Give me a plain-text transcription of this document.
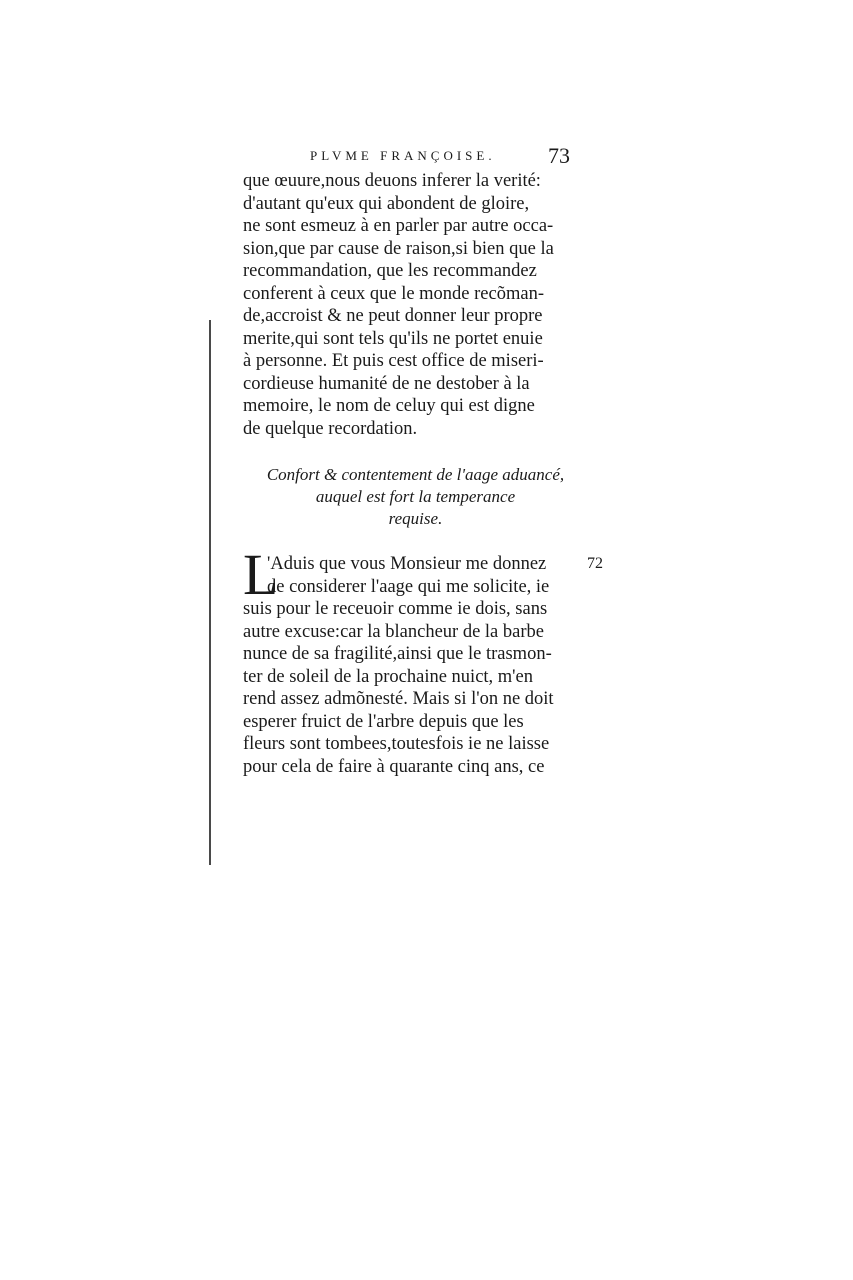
PLVME FRANÇOISE. 73
que œuure,nous deuons inferer la verité:
d'autant qu'eux qui abondent de gloire,
ne sont esmeuz à en parler par autre occa-
sion,que par cause de raison,si bien que la
recommandation, que les recommandez
conferent à ceux que le monde recõman-
de,accroist & ne peut donner leur propre
merite,qui sont tels qu'ils ne portet enuie
à personne. Et puis cest office de miseri-
cordieuse humanité de ne destober à la
memoire, le nom de celuy qui est digne
de quelque recordation.
Confort & contentement de l'aage aduancé,
auquel est fort la temperance
requise.
L	72
'Aduis que vous Monsieur me donnez
de considerer l'aage qui me solicite, ie
suis pour le receuoir comme ie dois, sans
autre excuse:car la blancheur de la barbe
nunce de sa fragilité,ainsi que le trasmon-
ter de soleil de la prochaine nuict, m'en
rend assez admõnesté. Mais si l'on ne doit
esperer fruict de l'arbre depuis que les
fleurs sont tombees,toutesfois ie ne laisse
pour cela de faire à quarante cinq ans, ce
